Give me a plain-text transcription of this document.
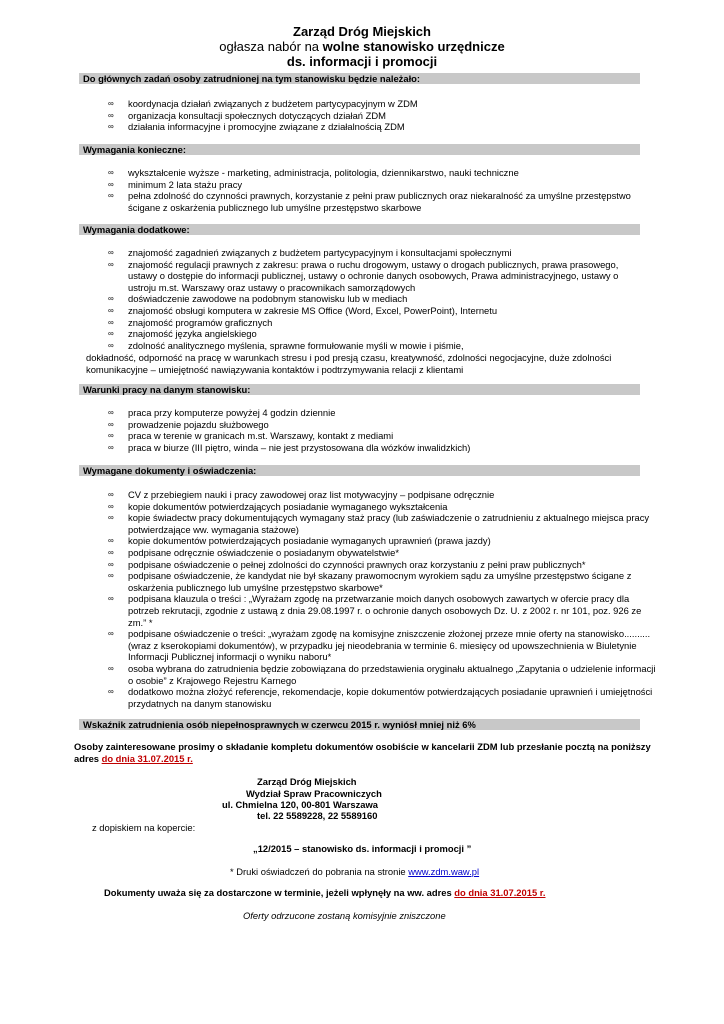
Zarząd Dróg Miejskich
ogłasza nabór na wolne stanowisko urzędnicze
ds. informacji i promocji
Do głównych zadań osoby zatrudnionej na tym stanowisku będzie należało:
∞ koordynacja działań związanych z budżetem partycypacyjnym w ZDM
∞ organizacja konsultacji społecznych dotyczących działań ZDM
∞ działania informacyjne i promocyjne związane z działalnością ZDM
Wymagania konieczne:
∞ wykształcenie wyższe - marketing, administracja, politologia, dziennikarstwo, nauki techniczne
∞ minimum 2 lata stażu pracy
∞ pełna zdolność do czynności prawnych, korzystanie z pełni praw publicznych oraz niekaralność za umyślne przestępstwo ścigane z oskarżenia publicznego lub umyślne przestępstwo skarbowe
Wymagania dodatkowe:
∞ znajomość zagadnień związanych z budżetem partycypacyjnym i konsultacjami społecznymi
∞ znajomość regulacji prawnych z zakresu: prawa o ruchu drogowym, ustawy o drogach publicznych, prawa prasowego, ustawy o dostępie do informacji publicznej, ustawy o ochronie danych osobowych, Prawa administracyjnego, ustawy o ustroju m.st. Warszawy oraz ustawy o pracownikach samorządowych
∞ doświadczenie zawodowe na podobnym stanowisku lub w mediach
∞ znajomość obsługi komputera w zakresie MS Office (Word, Excel, PowerPoint), Internetu
∞ znajomość programów graficznych
∞ znajomość języka angielskiego
∞ zdolność analitycznego myślenia, sprawne formułowanie myśli w mowie i piśmie,
dokładność, odporność na pracę w warunkach stresu i pod presją czasu, kreatywność, zdolności negocjacyjne, duże zdolności komunikacyjne – umiejętność nawiązywania kontaktów i podtrzymywania relacji z klientami
Warunki pracy na danym stanowisku:
∞ praca przy komputerze powyżej 4 godzin dziennie
∞ prowadzenie pojazdu służbowego
∞ praca w terenie w granicach m.st. Warszawy, kontakt z mediami
∞ praca w biurze (III piętro, winda – nie jest przystosowana dla wózków inwalidzkich)
Wymagane dokumenty i oświadczenia:
∞ CV z przebiegiem nauki i pracy zawodowej oraz list motywacyjny – podpisane odręcznie
∞ kopie dokumentów potwierdzających posiadanie wymaganego wykształcenia
∞ kopie świadectw pracy dokumentujących wymagany staż pracy (lub zaświadczenie o zatrudnieniu z aktualnego miejsca pracy potwierdzające ww. wymagania stażowe)
∞ kopie dokumentów potwierdzających posiadanie wymaganych uprawnień (prawa jazdy)
∞ podpisane odręcznie oświadczenie o posiadanym obywatelstwie*
∞ podpisane oświadczenie o pełnej zdolności do czynności prawnych oraz korzystaniu z pełni praw publicznych*
∞ podpisane oświadczenie, że kandydat nie był skazany prawomocnym wyrokiem sądu za umyślne przestępstwo ścigane z oskarżenia publicznego lub umyślne przestępstwo skarbowe*
∞ podpisana klauzula o treści : „Wyrażam zgodę na przetwarzanie moich danych osobowych zawartych w ofercie pracy dla potrzeb rekrutacji, zgodnie z ustawą z dnia 29.08.1997 r. o ochronie danych osobowych Dz. U. z 2002 r. nr 101, poz. 926 ze zm.” *
∞ podpisane oświadczenie o treści: „wyrażam zgodę na komisyjne zniszczenie złożonej przeze mnie oferty na stanowisko..........(wraz z kserokopiami dokumentów), w przypadku jej nieodebrania w terminie 6. miesięcy od upowszechnienia w Biuletynie Informacji Publicznej informacji o wyniku naboru*
∞ osoba wybrana do zatrudnienia będzie zobowiązana do przedstawienia oryginału aktualnego „Zapytania o udzielenie informacji o osobie” z Krajowego Rejestru Karnego
∞ dodatkowo można złożyć referencje, rekomendacje, kopie dokumentów potwierdzających posiadanie uprawnień i umiejętności przydatnych na danym stanowisku
Wskaźnik zatrudnienia osób niepełnosprawnych w czerwcu 2015 r. wyniósł mniej niż 6%
Osoby zainteresowane prosimy o składanie kompletu dokumentów osobiście w kancelarii ZDM lub przesłanie pocztą na poniższy adres do dnia 31.07.2015 r.
Zarząd Dróg Miejskich
Wydział Spraw Pracowniczych
ul. Chmielna 120, 00-801 Warszawa
tel. 22 5589228, 22 5589160
z dopiskiem na kopercie:
„12/2015 – stanowisko ds. informacji i promocji ”
* Druki oświadczeń do pobrania na stronie www.zdm.waw.pl
Dokumenty uważa się za dostarczone w terminie, jeżeli wpłynęły na ww. adres do dnia 31.07.2015 r.
Oferty odrzucone zostaną komisyjnie zniszczone
